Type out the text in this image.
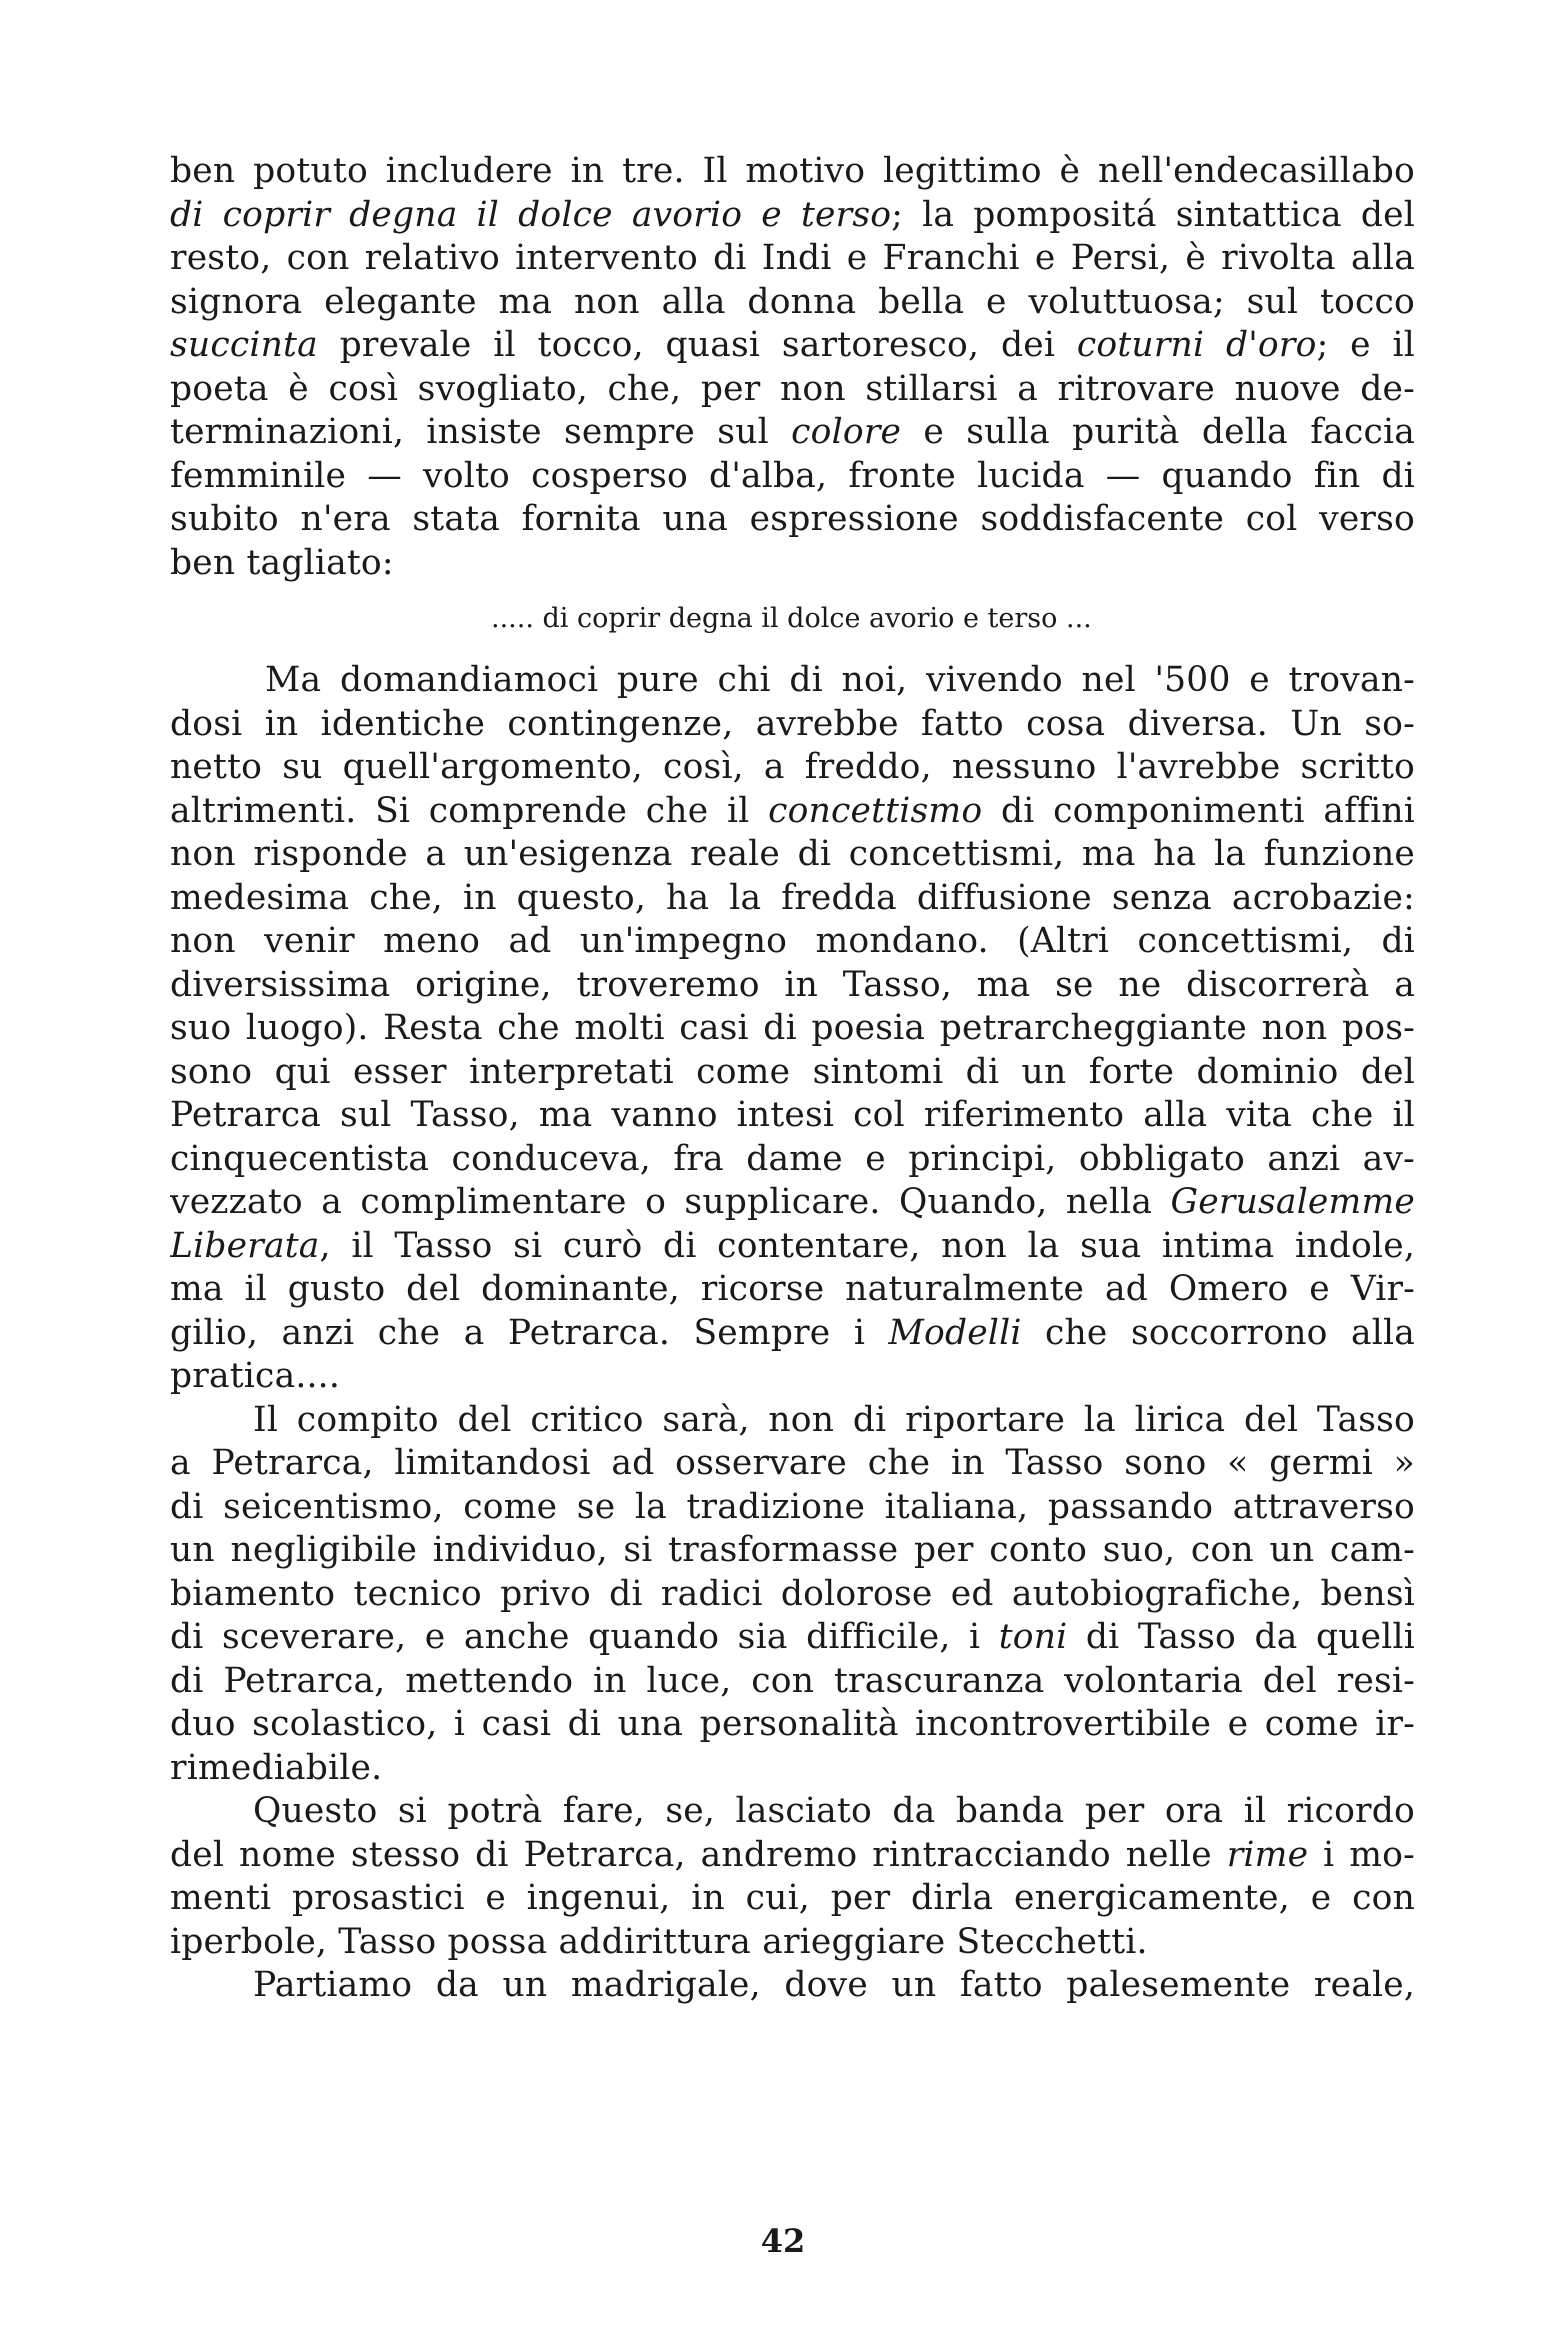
ben potuto includere in tre. Il motivo legittimo è nell'endecasillabo

di coprir degna il dolce avorio e terso; la pompositá sintattica del

resto, con relativo intervento di Indi e Franchi e Persi, è rivolta alla

signora elegante ma non alla donna bella e voluttuosa; sul tocco

succinta prevale il tocco, quasi sartoresco, dei coturni d'oro; e il

poeta è così svogliato, che, per non stillarsi a ritrovare nuove de-

terminazioni, insiste sempre sul colore e sulla purità della faccia

femminile — volto cosperso d'alba, fronte lucida — quando fin di

subito n'era stata fornita una espressione soddisfacente col verso

ben tagliato:

..... di coprir degna il dolce avorio e terso ...

Ma domandiamoci pure chi di noi, vivendo nel '500 e trovan-

dosi in identiche contingenze, avrebbe fatto cosa diversa. Un so-

netto su quell'argomento, così, a freddo, nessuno l'avrebbe scritto

altrimenti. Si comprende che il concettismo di componimenti affini

non risponde a un'esigenza reale di concettismi, ma ha la funzione

medesima che, in questo, ha la fredda diffusione senza acrobazie:

non venir meno ad un'impegno mondano. (Altri concettismi, di

diversissima origine, troveremo in Tasso, ma se ne discorrerà a

suo luogo). Resta che molti casi di poesia petrarcheggiante non pos-

sono qui esser interpretati come sintomi di un forte dominio del

Petrarca sul Tasso, ma vanno intesi col riferimento alla vita che il

cinquecentista conduceva, fra dame e principi, obbligato anzi av-

vezzato a complimentare o supplicare. Quando, nella Gerusalemme

Liberata, il Tasso si curò di contentare, non la sua intima indole,

ma il gusto del dominante, ricorse naturalmente ad Omero e Vir-

gilio, anzi che a Petrarca. Sempre i Modelli che soccorrono alla

pratica....

Il compito del critico sarà, non di riportare la lirica del Tasso

a Petrarca, limitandosi ad osservare che in Tasso sono « germi »

di seicentismo, come se la tradizione italiana, passando attraverso

un negligibile individuo, si trasformasse per conto suo, con un cam-

biamento tecnico privo di radici dolorose ed autobiografiche, bensì

di sceverare, e anche quando sia difficile, i toni di Tasso da quelli

di Petrarca, mettendo in luce, con trascuranza volontaria del resi-

duo scolastico, i casi di una personalità incontrovertibile e come ir-

rimediabile.

Questo si potrà fare, se, lasciato da banda per ora il ricordo

del nome stesso di Petrarca, andremo rintracciando nelle rime i mo-

menti prosastici e ingenui, in cui, per dirla energicamente, e con

iperbole, Tasso possa addirittura arieggiare Stecchetti.

Partiamo da un madrigale, dove un fatto palesemente reale,

42
